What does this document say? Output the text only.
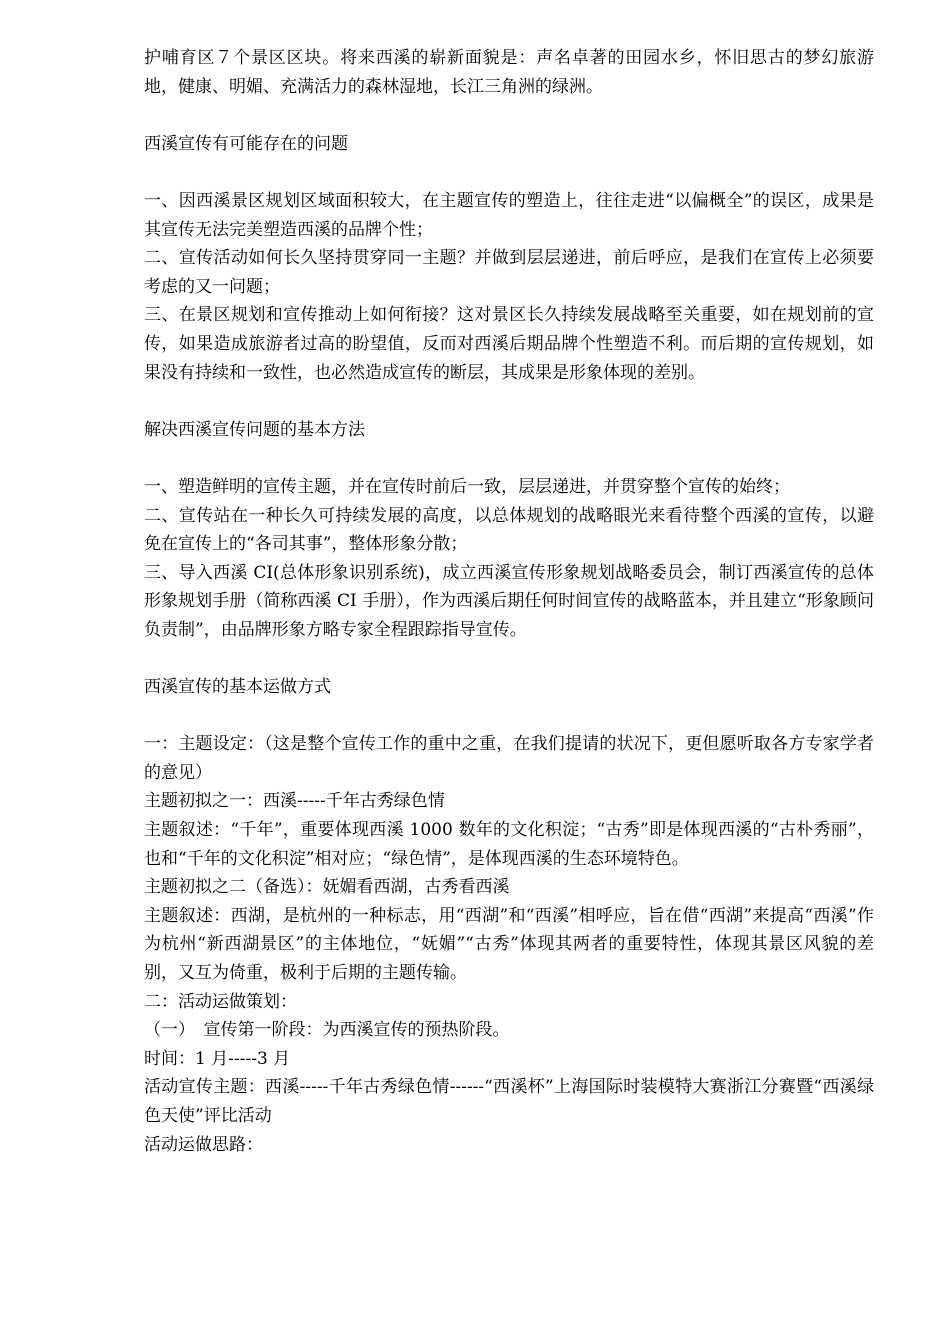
护哺育区７个景区区块。将来西溪的崭新面貌是：声名卓著的田园水乡，怀旧思古的梦幻旅游地，健康、明媚、充满活力的森林湿地，长江三角洲的绿洲。
西溪宣传有可能存在的问题
一、因西溪景区规划区域面积较大，在主题宣传的塑造上，往往走进“以偏概全”的误区，成果是其宣传无法完美塑造西溪的品牌个性；
二、宣传活动如何长久坚持贯穿同一主题？并做到层层递进，前后呼应，是我们在宣传上必须要考虑的又一问题；
三、在景区规划和宣传推动上如何衔接？这对景区长久持续发展战略至关重要，如在规划前的宣传，如果造成旅游者过高的盼望值，反而对西溪后期品牌个性塑造不利。而后期的宣传规划，如果没有持续和一致性，也必然造成宣传的断层，其成果是形象体现的差别。
解决西溪宣传问题的基本方法
一、塑造鲜明的宣传主题，并在宣传时前后一致，层层递进，并贯穿整个宣传的始终；
二、宣传站在一种长久可持续发展的高度，以总体规划的战略眼光来看待整个西溪的宣传，以避免在宣传上的“各司其事”，整体形象分散；
三、导入西溪 CI(总体形象识别系统)，成立西溪宣传形象规划战略委员会，制订西溪宣传的总体形象规划手册（简称西溪 CI 手册），作为西溪后期任何时间宣传的战略蓝本，并且建立“形象顾问负责制”，由品牌形象方略专家全程跟踪指导宣传。
西溪宣传的基本运做方式
一：主题设定：（这是整个宣传工作的重中之重，在我们提请的状况下，更但愿听取各方专家学者的意见）
主题初拟之一：西溪-----千年古秀绿色情
主题叙述：“千年”，重要体现西溪 1000 数年的文化积淀；“古秀”即是体现西溪的“古朴秀丽”，也和“千年的文化积淀”相对应；“绿色情”，是体现西溪的生态环境特色。
主题初拟之二（备选）：妩媚看西湖，古秀看西溪
主题叙述：西湖，是杭州的一种标志，用“西湖”和“西溪”相呼应，旨在借“西湖”来提高“西溪”作为杭州“新西湖景区”的主体地位，“妩媚”“古秀”体现其两者的重要特性，体现其景区风貌的差别，又互为倚重，极利于后期的主题传输。
二：活动运做策划：
（一）　宣传第一阶段：为西溪宣传的预热阶段。
时间：1 月-----3 月
活动宣传主题：西溪-----千年古秀绿色情------“西溪杯”上海国际时装模特大赛浙江分赛暨“西溪绿色天使”评比活动
活动运做思路：
